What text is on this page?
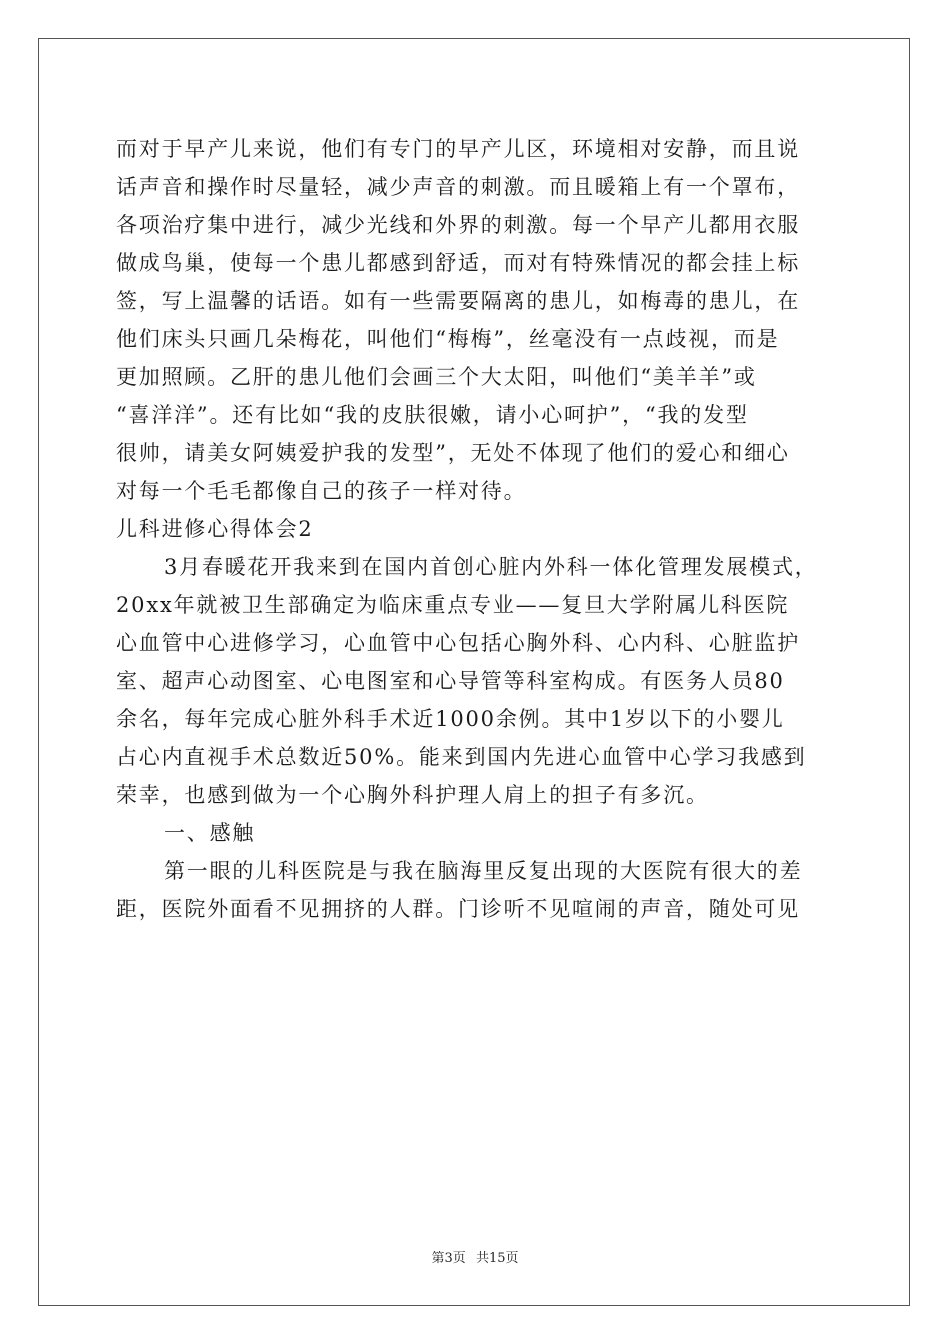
而对于早产儿来说，他们有专门的早产儿区，环境相对安静，而且说
话声音和操作时尽量轻，减少声音的刺激。而且暖箱上有一个罩布，
各项治疗集中进行，减少光线和外界的刺激。每一个早产儿都用衣服
做成鸟巢，使每一个患儿都感到舒适，而对有特殊情况的都会挂上标
签，写上温馨的话语。如有一些需要隔离的患儿，如梅毒的患儿，在
他们床头只画几朵梅花，叫他们“梅梅”，丝毫没有一点歧视，而是
更加照顾。乙肝的患儿他们会画三个大太阳，叫他们“美羊羊”或
“喜洋洋”。还有比如“我的皮肤很嫩，请小心呵护”，“我的发型
很帅，请美女阿姨爱护我的发型”，无处不体现了他们的爱心和细心
对每一个毛毛都像自己的孩子一样对待。
儿科进修心得体会2
3月春暖花开我来到在国内首创心脏内外科一体化管理发展模式，
20xx年就被卫生部确定为临床重点专业——复旦大学附属儿科医院
心血管中心进修学习，心血管中心包括心胸外科、心内科、心脏监护
室、超声心动图室、心电图室和心导管等科室构成。有医务人员80
余名，每年完成心脏外科手术近1000余例。其中1岁以下的小婴儿
占心内直视手术总数近50%。能来到国内先进心血管中心学习我感到
荣幸，也感到做为一个心胸外科护理人肩上的担子有多沉。
一、感触
第一眼的儿科医院是与我在脑海里反复出现的大医院有很大的差
距，医院外面看不见拥挤的人群。门诊听不见喧闹的声音，随处可见
第3页 共15页
